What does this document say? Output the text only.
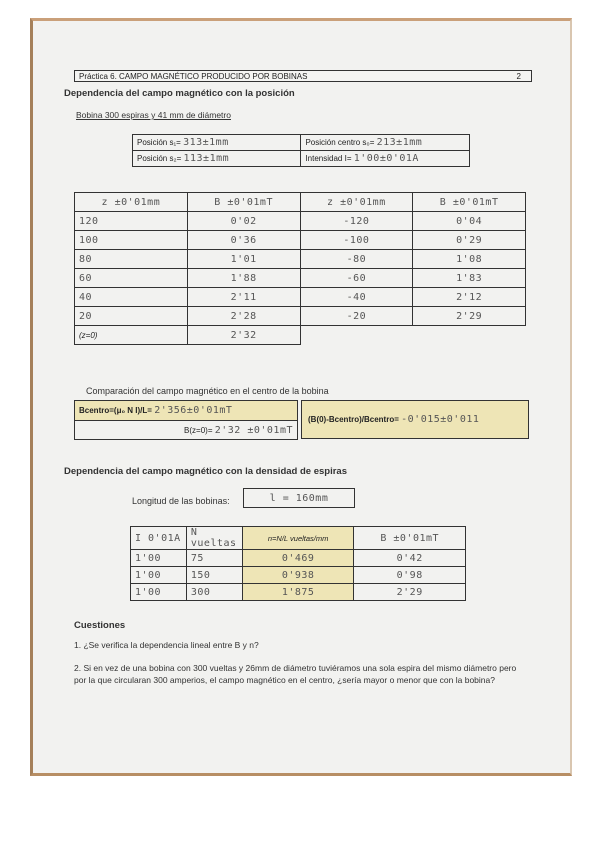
Práctica 6. CAMPO MAGNÉTICO PRODUCIDO POR BOBINAS	2
Dependencia del campo magnético con la posición
Bobina 300 espiras y 41 mm de diámetro
Posición s₁= 313±1mm	Posición centro s₀= 213±1mm
Posición s₂= 113±1mm	Intensidad I= 1'00±0'01A
z ±0'01mm	B ±0'01mT	z ±0'01mm	B ±0'01mT
120	0'02	-120	0'04
100	0'36	-100	0'29
80	1'01	-80	1'08
60	1'88	-60	1'83
40	2'11	-40	2'12
20	2'28	-20	2'29
(z=0)	2'32		
Comparación del campo magnético en el centro de la bobina
Bcentro=(μ₀ N I)/L= 2'356±0'01mT
B(z=0)= 2'32 ±0'01mT
(B(0)-Bcentro)/Bcentro=
-0'015±0'011
Dependencia del campo magnético con la densidad de espiras
Longitud de las bobinas:	l = 160mm
I 0'01A	N vueltas	n=N/L vueltas/mm	B ±0'01mT
1'00	75	0'469	0'42
1'00	150	0'938	0'98
1'00	300	1'875	2'29
Cuestiones
1. ¿Se verifica la dependencia lineal entre B y n?
2. Si en vez de una bobina con 300 vueltas y 26mm de diámetro tuviéramos una sola espira del mismo diámetro pero por la que circularan 300 amperios, el campo magnético en el centro, ¿sería mayor o menor que con la bobina?
